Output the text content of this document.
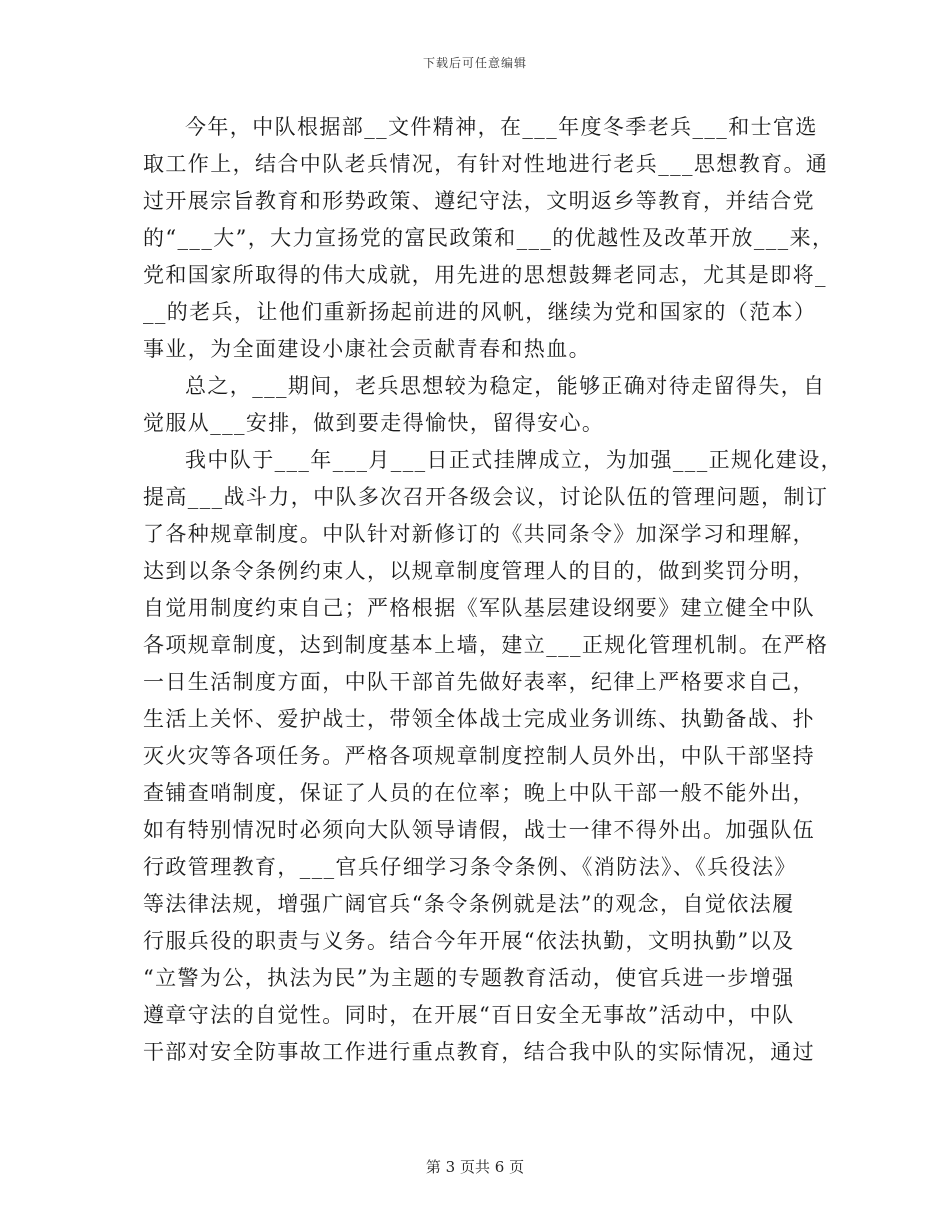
下载后可任意编辑
今年，中队根据部__文件精神，在___年度冬季老兵___和士官选
取工作上，结合中队老兵情况，有针对性地进行老兵___思想教育。通
过开展宗旨教育和形势政策、遵纪守法，文明返乡等教育，并结合党
的“___大”，大力宣扬党的富民政策和___的优越性及改革开放___来，
党和国家所取得的伟大成就，用先进的思想鼓舞老同志，尤其是即将_
__的老兵，让他们重新扬起前进的风帆，继续为党和国家的（范本）
事业，为全面建设小康社会贡献青春和热血。
总之，___期间，老兵思想较为稳定，能够正确对待走留得失，自
觉服从___安排，做到要走得愉快，留得安心。
我中队于___年___月___日正式挂牌成立，为加强___正规化建设，
提高___战斗力，中队多次召开各级会议，讨论队伍的管理问题，制订
了各种规章制度。中队针对新修订的《共同条令》加深学习和理解，
达到以条令条例约束人，以规章制度管理人的目的，做到奖罚分明，
自觉用制度约束自己；严格根据《军队基层建设纲要》建立健全中队
各项规章制度，达到制度基本上墙，建立___正规化管理机制。在严格
一日生活制度方面，中队干部首先做好表率，纪律上严格要求自己，
生活上关怀、爱护战士，带领全体战士完成业务训练、执勤备战、扑
灭火灾等各项任务。严格各项规章制度控制人员外出，中队干部坚持
查铺查哨制度，保证了人员的在位率；晚上中队干部一般不能外出，
如有特别情况时必须向大队领导请假，战士一律不得外出。加强队伍
行政管理教育，___官兵仔细学习条令条例、《消防法》、《兵役法》
等法律法规，增强广阔官兵“条令条例就是法”的观念，自觉依法履
行服兵役的职责与义务。结合今年开展“依法执勤，文明执勤”以及
“立警为公，执法为民”为主题的专题教育活动，使官兵进一步增强
遵章守法的自觉性。同时，在开展“百日安全无事故”活动中，中队
干部对安全防事故工作进行重点教育，结合我中队的实际情况，通过
第 3 页共 6 页
